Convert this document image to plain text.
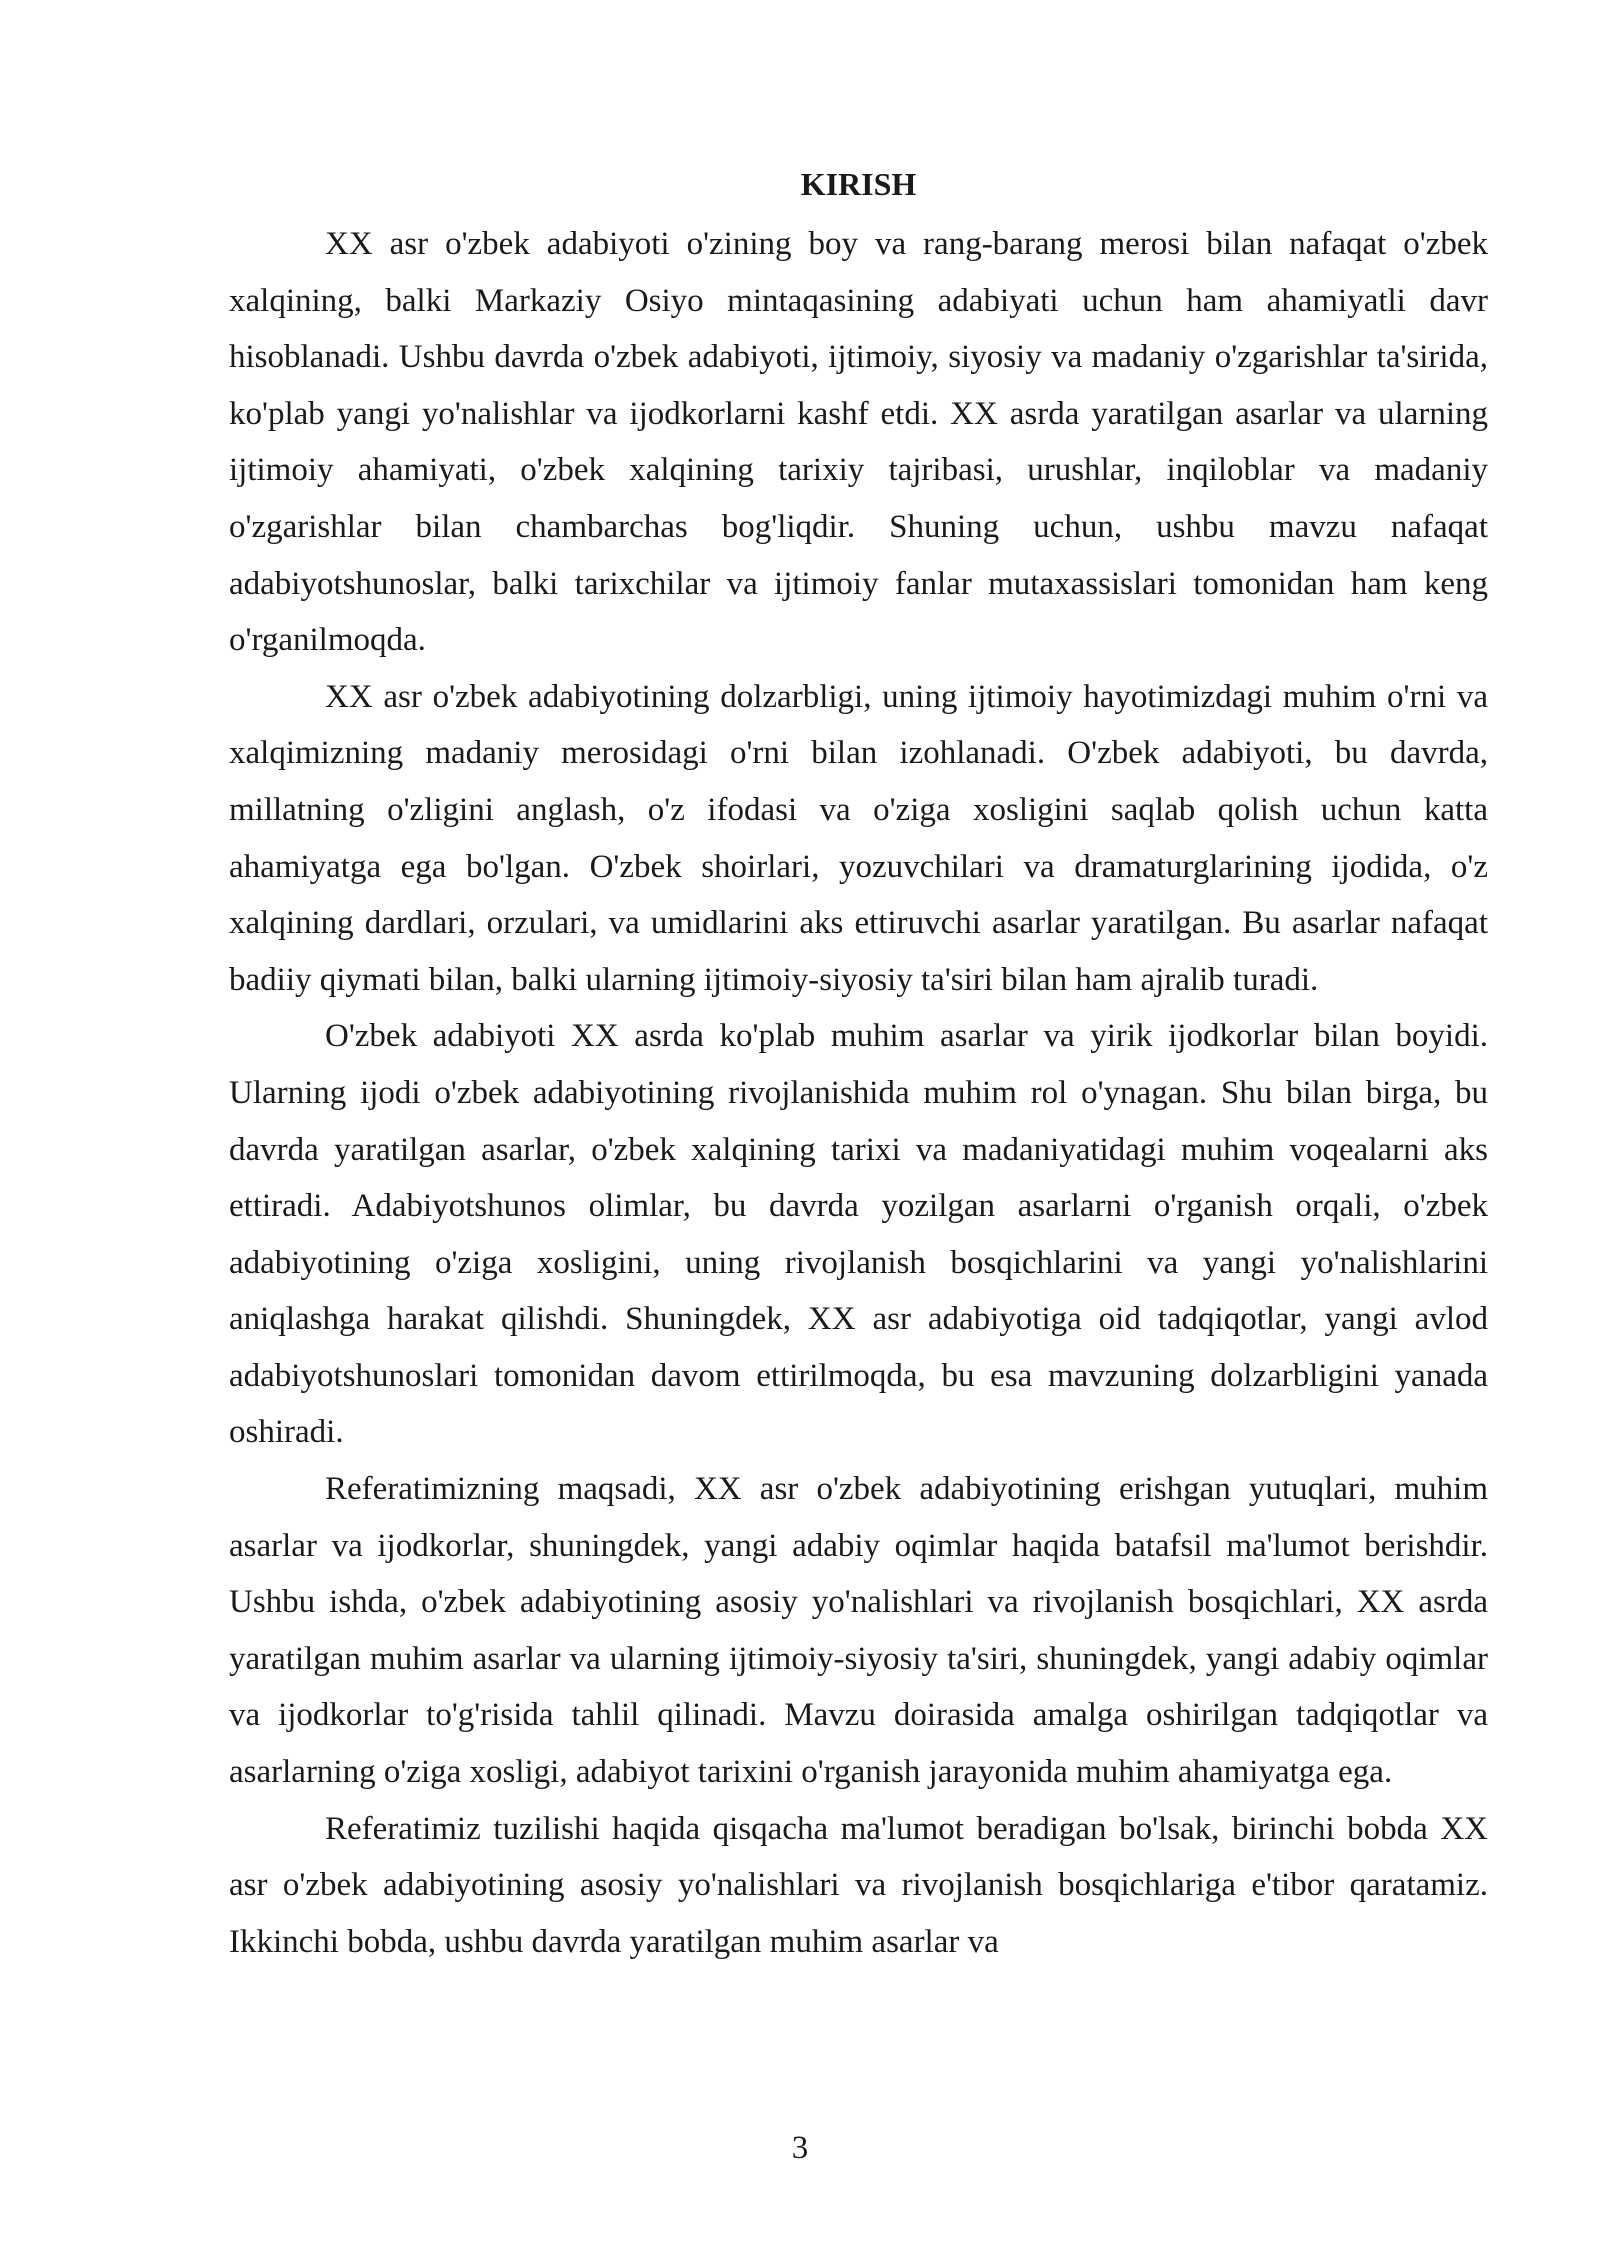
KIRISH

XX asr o'zbek adabiyoti o'zining boy va rang-barang merosi bilan nafaqat o'zbek xalqining, balki Markaziy Osiyo mintaqasining adabiyati uchun ham ahamiyatli davr hisoblanadi. Ushbu davrda o'zbek adabiyoti, ijtimoiy, siyosiy va madaniy o'zgarishlar ta'sirida, ko'plab yangi yo'nalishlar va ijodkorlarni kashf etdi. XX asrda yaratilgan asarlar va ularning ijtimoiy ahamiyati, o'zbek xalqining tarixiy tajribasi, urushlar, inqiloblar va madaniy o'zgarishlar bilan chambarchas bog'liqdir. Shuning uchun, ushbu mavzu nafaqat adabiyotshunoslar, balki tarixchilar va ijtimoiy fanlar mutaxassislari tomonidan ham keng o'rganilmoqda.

XX asr o'zbek adabiyotining dolzarbligi, uning ijtimoiy hayotimizdagi muhim o'rni va xalqimizning madaniy merosidagi o'rni bilan izohlanadi. O'zbek adabiyoti, bu davrda, millatning o'zligini anglash, o'z ifodasi va o'ziga xosligini saqlab qolish uchun katta ahamiyatga ega bo'lgan. O'zbek shoirlari, yozuvchilari va dramaturglarining ijodida, o'z xalqining dardlari, orzulari, va umidlarini aks ettiruvchi asarlar yaratilgan. Bu asarlar nafaqat badiiy qiymati bilan, balki ularning ijtimoiy-siyosiy ta'siri bilan ham ajralib turadi.

O'zbek adabiyoti XX asrda ko'plab muhim asarlar va yirik ijodkorlar bilan boyidi. Ularning ijodi o'zbek adabiyotining rivojlanishida muhim rol o'ynagan. Shu bilan birga, bu davrda yaratilgan asarlar, o'zbek xalqining tarixi va madaniyatidagi muhim voqealarni aks ettiradi. Adabiyotshunos olimlar, bu davrda yozilgan asarlarni o'rganish orqali, o'zbek adabiyotining o'ziga xosligini, uning rivojlanish bosqichlarini va yangi yo'nalishlarini aniqlashga harakat qilishdi. Shuningdek, XX asr adabiyotiga oid tadqiqotlar, yangi avlod adabiyotshunoslari tomonidan davom ettirilmoqda, bu esa mavzuning dolzarbligini yanada oshiradi.

Referatimizning maqsadi, XX asr o'zbek adabiyotining erishgan yutuqlari, muhim asarlar va ijodkorlar, shuningdek, yangi adabiy oqimlar haqida batafsil ma'lumot berishdir. Ushbu ishda, o'zbek adabiyotining asosiy yo'nalishlari va rivojlanish bosqichlari, XX asrda yaratilgan muhim asarlar va ularning ijtimoiy-siyosiy ta'siri, shuningdek, yangi adabiy oqimlar va ijodkorlar to'g'risida tahlil qilinadi. Mavzu doirasida amalga oshirilgan tadqiqotlar va asarlarning o'ziga xosligi, adabiyot tarixini o'rganish jarayonida muhim ahamiyatga ega.

Referatimiz tuzilishi haqida qisqacha ma'lumot beradigan bo'lsak, birinchi bobda XX asr o'zbek adabiyotining asosiy yo'nalishlari va rivojlanish bosqichlariga e'tibor qaratamiz. Ikkinchi bobda, ushbu davrda yaratilgan muhim asarlar va

3
